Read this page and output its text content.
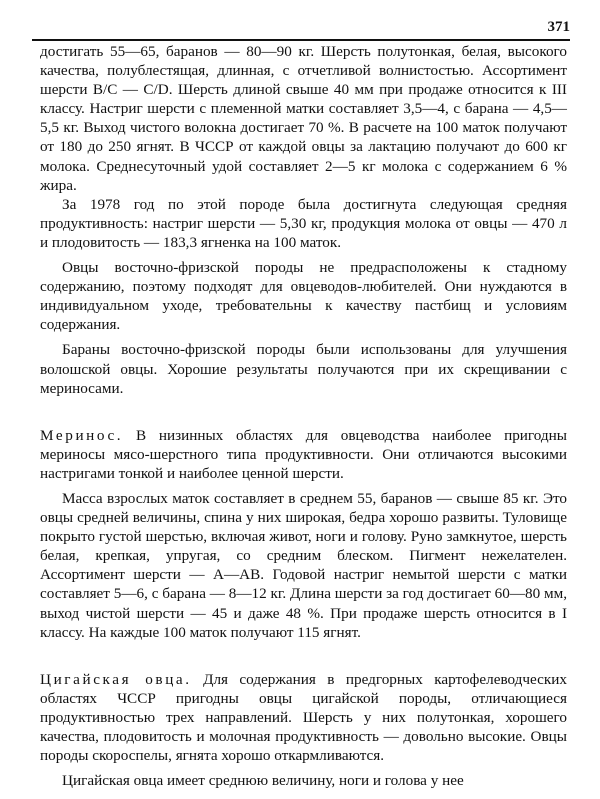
371

достигать 55—65, баранов — 80—90 кг. Шерсть полутонкая, белая, высокого качества, полублестящая, длинная, с отчетливой волнистостью. Ассортимент шерсти B/C — C/D. Шерсть длиной свыше 40 мм при продаже относится к III классу. Настриг шерсти с племенной матки составляет 3,5—4, с барана — 4,5—5,5 кг. Выход чистого волокна достигает 70 %. В расчете на 100 маток получают от 180 до 250 ягнят. В ЧССР от каждой овцы за лактацию получают до 600 кг молока. Среднесуточный удой составляет 2—5 кг молока с содержанием 6 % жира.

За 1978 год по этой породе была достигнута следующая средняя продуктивность: настриг шерсти — 5,30 кг, продукция молока от овцы — 470 л и плодовитость — 183,3 ягненка на 100 маток.

Овцы восточно-фризской породы не предрасположены к стадному содержанию, поэтому подходят для овцеводов-любителей. Они нуждаются в индивидуальном уходе, требовательны к качеству пастбищ и условиям содержания.

Бараны восточно-фризской породы были использованы для улучшения волошской овцы. Хорошие результаты получаются при их скрещивании с мериносами.

Меринос. В низинных областях для овцеводства наиболее пригодны мериносы мясо-шерстного типа продуктивности. Они отличаются высокими настригами тонкой и наиболее ценной шерсти.

Масса взрослых маток составляет в среднем 55, баранов — свыше 85 кг. Это овцы средней величины, спина у них широкая, бедра хорошо развиты. Туловище покрыто густой шерстью, включая живот, ноги и голову. Руно замкнутое, шерсть белая, крепкая, упругая, со средним блеском. Пигмент нежелателен. Ассортимент шерсти — A—AB. Годовой настриг немытой шерсти с матки составляет 5—6, с барана — 8—12 кг. Длина шерсти за год достигает 60—80 мм, выход чистой шерсти — 45 и даже 48 %. При продаже шерсть относится в I классу. На каждые 100 маток получают 115 ягнят.

Цигайская овца. Для содержания в предгорных картофелеводческих областях ЧССР пригодны овцы цигайской породы, отличающиеся продуктивностью трех направлений. Шерсть у них полутонкая, хорошего качества, плодовитость и молочная продуктивность — довольно высокие. Овцы породы скороспелы, ягнята хорошо откармливаются.

Цигайская овца имеет среднюю величину, ноги и голова у нее
